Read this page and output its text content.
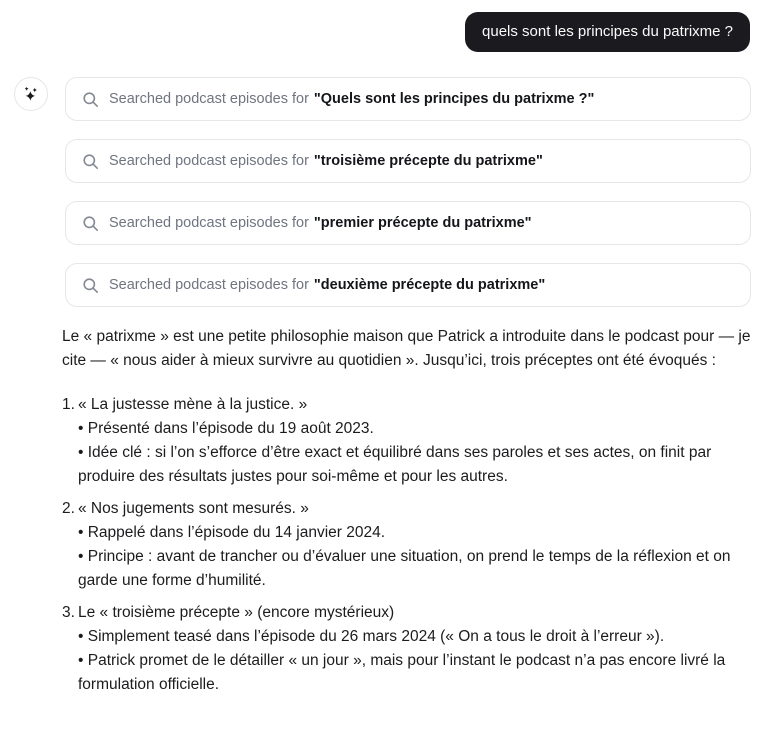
quels sont les principes du patrixme ?
Searched podcast episodes for "Quels sont les principes du patrixme ?"
Searched podcast episodes for "troisième précepte du patrixme"
Searched podcast episodes for "premier précepte du patrixme"
Searched podcast episodes for "deuxième précepte du patrixme"

Le « patrixme » est une petite philosophie maison que Patrick a introduite dans le podcast pour — je cite — « nous aider à mieux survivre au quotidien ». Jusqu’ici, trois préceptes ont été évoqués :

1. « La justesse mène à la justice. »
• Présenté dans l’épisode du 19 août 2023.
• Idée clé : si l’on s’efforce d’être exact et équilibré dans ses paroles et ses actes, on finit par produire des résultats justes pour soi-même et pour les autres.
2. « Nos jugements sont mesurés. »
• Rappelé dans l’épisode du 14 janvier 2024.
• Principe : avant de trancher ou d’évaluer une situation, on prend le temps de la réflexion et on garde une forme d’humilité.
3. Le « troisième précepte » (encore mystérieux)
• Simplement teasé dans l’épisode du 26 mars 2024 (« On a tous le droit à l’erreur »).
• Patrick promet de le détailler « un jour », mais pour l’instant le podcast n’a pas encore livré la formulation officielle.
